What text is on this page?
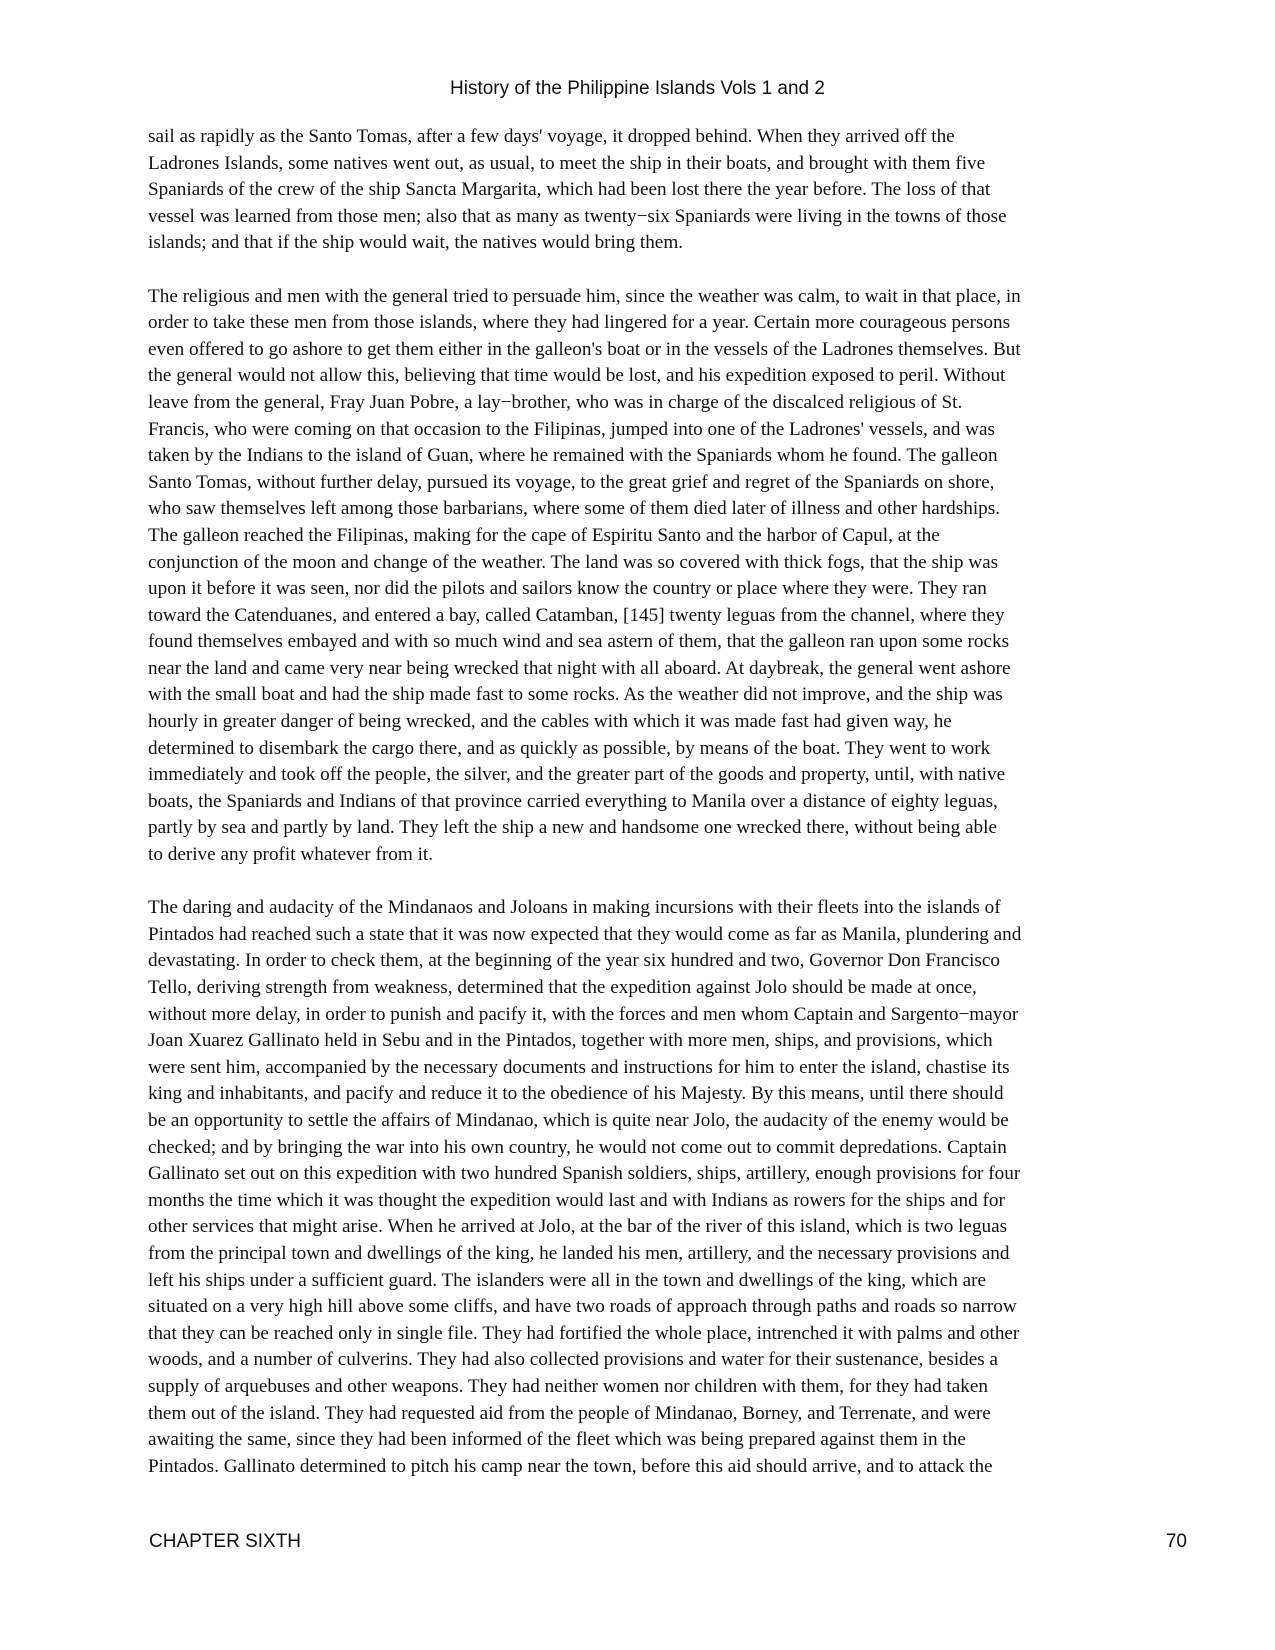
History of the Philippine Islands Vols 1 and 2
sail as rapidly as the Santo Tomas, after a few days' voyage, it dropped behind. When they arrived off the
Ladrones Islands, some natives went out, as usual, to meet the ship in their boats, and brought with them five
Spaniards of the crew of the ship Sancta Margarita, which had been lost there the year before. The loss of that
vessel was learned from those men; also that as many as twenty−six Spaniards were living in the towns of those
islands; and that if the ship would wait, the natives would bring them.
The religious and men with the general tried to persuade him, since the weather was calm, to wait in that place, in
order to take these men from those islands, where they had lingered for a year. Certain more courageous persons
even offered to go ashore to get them either in the galleon's boat or in the vessels of the Ladrones themselves. But
the general would not allow this, believing that time would be lost, and his expedition exposed to peril. Without
leave from the general, Fray Juan Pobre, a lay−brother, who was in charge of the discalced religious of St.
Francis, who were coming on that occasion to the Filipinas, jumped into one of the Ladrones' vessels, and was
taken by the Indians to the island of Guan, where he remained with the Spaniards whom he found. The galleon
Santo Tomas, without further delay, pursued its voyage, to the great grief and regret of the Spaniards on shore,
who saw themselves left among those barbarians, where some of them died later of illness and other hardships.
The galleon reached the Filipinas, making for the cape of Espiritu Santo and the harbor of Capul, at the
conjunction of the moon and change of the weather. The land was so covered with thick fogs, that the ship was
upon it before it was seen, nor did the pilots and sailors know the country or place where they were. They ran
toward the Catenduanes, and entered a bay, called Catamban, [145] twenty leguas from the channel, where they
found themselves embayed and with so much wind and sea astern of them, that the galleon ran upon some rocks
near the land and came very near being wrecked that night with all aboard. At daybreak, the general went ashore
with the small boat and had the ship made fast to some rocks. As the weather did not improve, and the ship was
hourly in greater danger of being wrecked, and the cables with which it was made fast had given way, he
determined to disembark the cargo there, and as quickly as possible, by means of the boat. They went to work
immediately and took off the people, the silver, and the greater part of the goods and property, until, with native
boats, the Spaniards and Indians of that province carried everything to Manila over a distance of eighty leguas,
partly by sea and partly by land. They left the ship a new and handsome one wrecked there, without being able
to derive any profit whatever from it.
The daring and audacity of the Mindanaos and Joloans in making incursions with their fleets into the islands of
Pintados had reached such a state that it was now expected that they would come as far as Manila, plundering and
devastating. In order to check them, at the beginning of the year six hundred and two, Governor Don Francisco
Tello, deriving strength from weakness, determined that the expedition against Jolo should be made at once,
without more delay, in order to punish and pacify it, with the forces and men whom Captain and Sargento−mayor
Joan Xuarez Gallinato held in Sebu and in the Pintados, together with more men, ships, and provisions, which
were sent him, accompanied by the necessary documents and instructions for him to enter the island, chastise its
king and inhabitants, and pacify and reduce it to the obedience of his Majesty. By this means, until there should
be an opportunity to settle the affairs of Mindanao, which is quite near Jolo, the audacity of the enemy would be
checked; and by bringing the war into his own country, he would not come out to commit depredations. Captain
Gallinato set out on this expedition with two hundred Spanish soldiers, ships, artillery, enough provisions for four
months the time which it was thought the expedition would last and with Indians as rowers for the ships and for
other services that might arise. When he arrived at Jolo, at the bar of the river of this island, which is two leguas
from the principal town and dwellings of the king, he landed his men, artillery, and the necessary provisions and
left his ships under a sufficient guard. The islanders were all in the town and dwellings of the king, which are
situated on a very high hill above some cliffs, and have two roads of approach through paths and roads so narrow
that they can be reached only in single file. They had fortified the whole place, intrenched it with palms and other
woods, and a number of culverins. They had also collected provisions and water for their sustenance, besides a
supply of arquebuses and other weapons. They had neither women nor children with them, for they had taken
them out of the island. They had requested aid from the people of Mindanao, Borney, and Terrenate, and were
awaiting the same, since they had been informed of the fleet which was being prepared against them in the
Pintados. Gallinato determined to pitch his camp near the town, before this aid should arrive, and to attack the
CHAPTER SIXTH	70
